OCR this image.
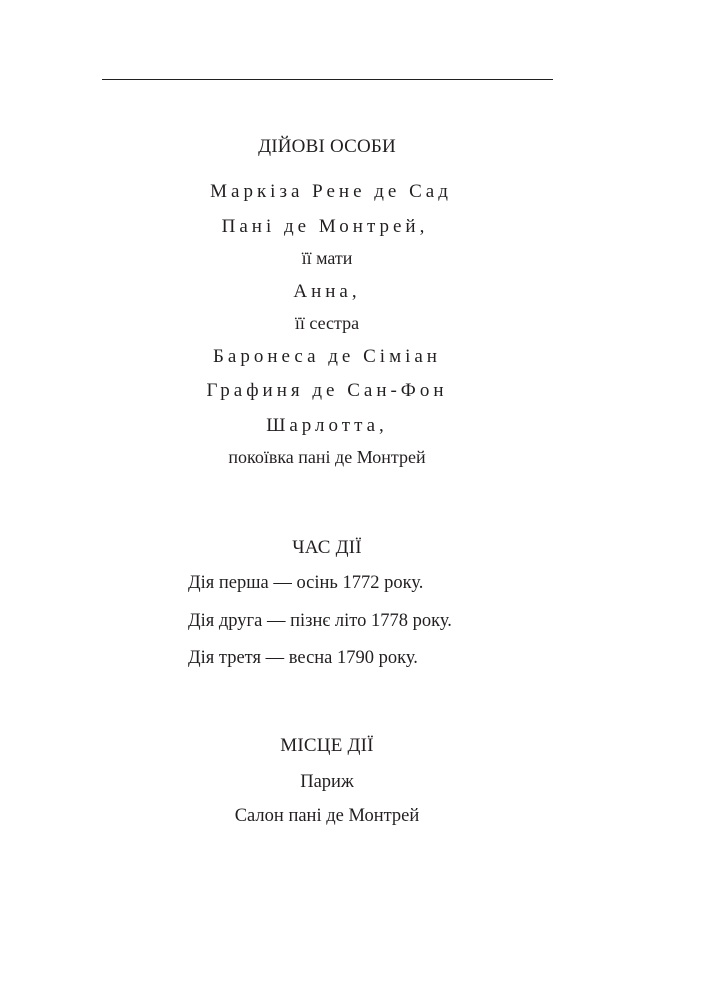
ДІЙОВІ ОСОБИ
Маркіза Рене де Сад
Пані де Монтрей,
її мати
Анна,
її сестра
Баронеса де Сіміан
Графиня де Сан-Фон
Шарлотта,
покоївка пані де Монтрей
ЧАС ДІЇ
Дія перша — осінь 1772 року.
Дія друга — пізнє літо 1778 року.
Дія третя — весна 1790 року.
МІСЦЕ ДІЇ
Париж
Салон пані де Монтрей
